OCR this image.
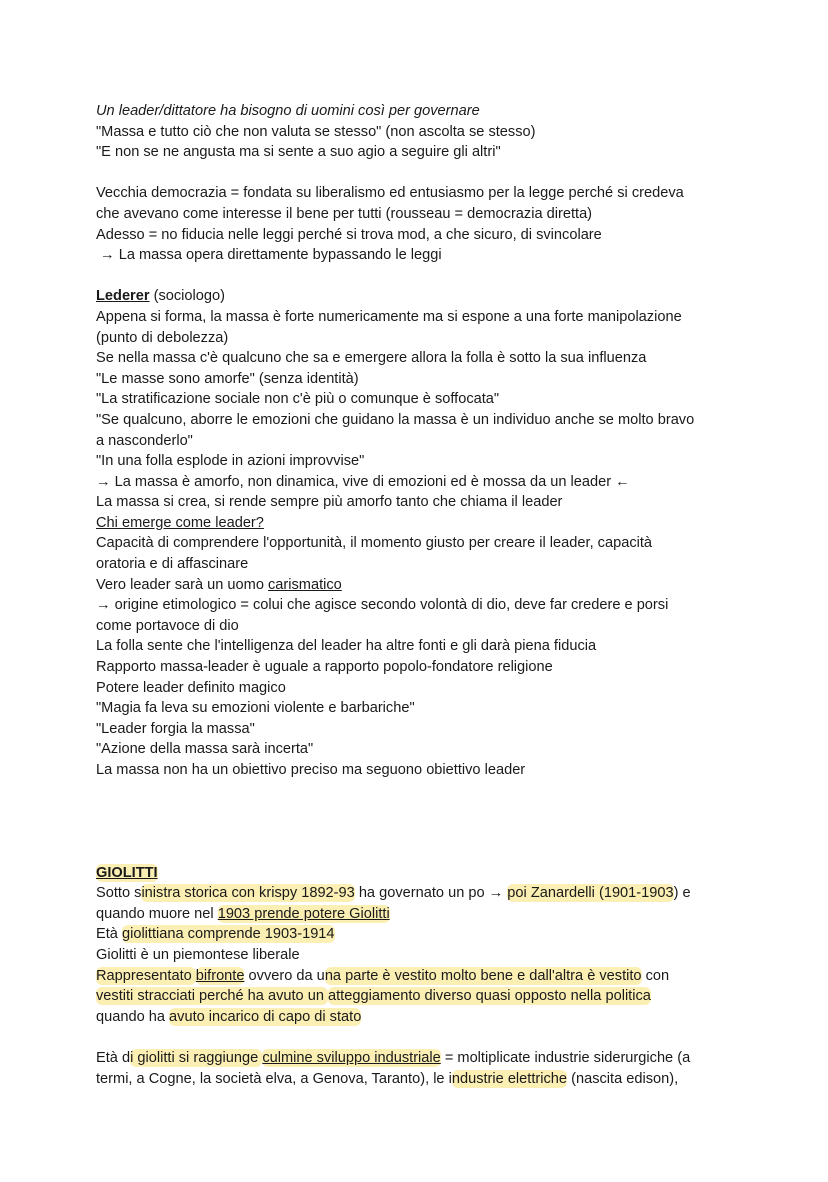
Un leader/dittatore ha bisogno di uomini così per governare
"Massa e tutto ciò che non valuta se stesso" (non ascolta se stesso)
"E non se ne angusta ma si sente a suo agio a seguire gli altri"
Vecchia democrazia = fondata su liberalismo ed entusiasmo per la legge perché si credeva
che avevano come interesse il bene per tutti (rousseau = democrazia diretta)
Adesso = no fiducia nelle leggi perché si trova mod, a che sicuro, di svincolare
→ La massa opera direttamente bypassando le leggi
Lederer (sociologo)
Appena si forma, la massa è forte numericamente ma si espone a una forte manipolazione
(punto di debolezza)
Se nella massa c'è qualcuno che sa e emergere allora la folla è sotto la sua influenza
"Le masse sono amorfe" (senza identità)
"La stratificazione sociale non c'è più o comunque è soffocata"
"Se qualcuno, aborre le emozioni che guidano la massa è un individuo anche se molto bravo
a nasconderlo"
"In una folla esplode in azioni improvvise"
→ La massa è amorfo, non dinamica, vive di emozioni ed è mossa da un leader ←
La massa si crea, si rende sempre più amorfo tanto che chiama il leader
Chi emerge come leader?
Capacità di comprendere l'opportunità, il momento giusto per creare il leader, capacità
oratoria e di affascinare
Vero leader sarà un uomo carismatico
→ origine etimologico = colui che agisce secondo volontà di dio, deve far credere e porsi
come portavoce di dio
La folla sente che l'intelligenza del leader ha altre fonti e gli darà piena fiducia
Rapporto massa-leader è uguale a rapporto popolo-fondatore religione
Potere leader definito magico
"Magia fa leva su emozioni violente e barbariche"
"Leader forgia la massa"
"Azione della massa sarà incerta"
La massa non ha un obiettivo preciso ma seguono obiettivo leader
GIOLITTI
Sotto sinistra storica con krispy 1892-93 ha governato un po → poi Zanardelli (1901-1903) e
quando muore nel 1903 prende potere Giolitti
Età giolittiana comprende 1903-1914
Giolitti è un piemontese liberale
Rappresentato bifronte ovvero da una parte è vestito molto bene e dall'altra è vestito con
vestiti stracciati perché ha avuto un atteggiamento diverso quasi opposto nella politica
quando ha avuto incarico di capo di stato
Età di giolitti si raggiunge culmine sviluppo industriale = moltiplicate industrie siderurgiche (a
termi, a Cogne, la società elva, a Genova, Taranto), le industrie elettriche (nascita edison),
